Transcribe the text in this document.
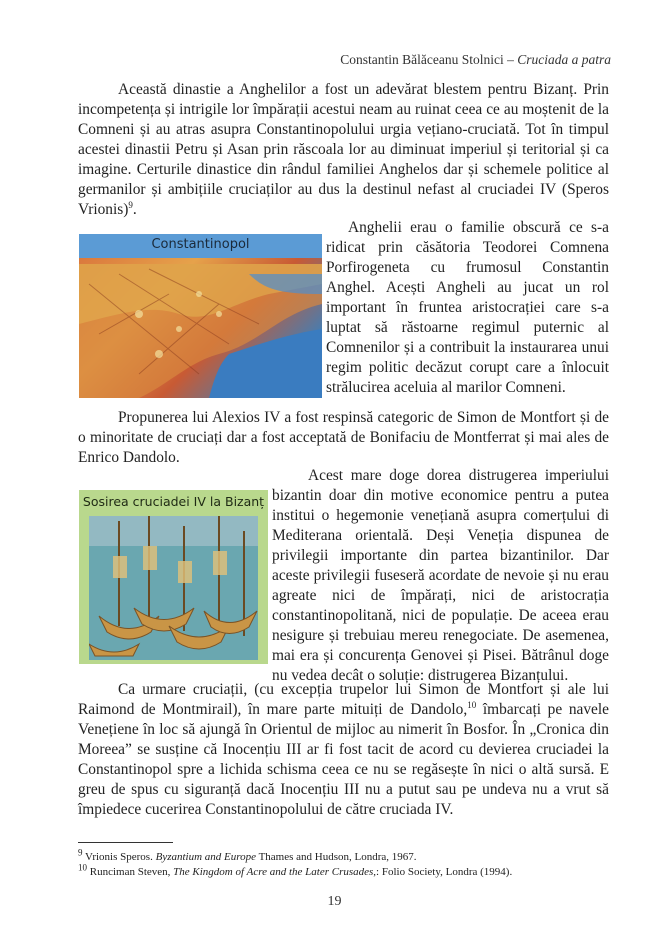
Constantin Bălăceanu Stolnici – Cruciada a patra

Această dinastie a Anghelilor a fost un adevărat blestem pentru Bizanț. Prin incompetența și intrigile lor împărații acestui neam au ruinat ceea ce au moștenit de la Comneni și au atras asupra Constantinopolului urgia vețiano-cruciată. Tot în timpul acestei dinastii Petru și Asan prin răscoala lor au diminuat imperiul și teritorial și ca imagine. Certurile dinastice din rândul familiei Anghelos dar și schemele politice al germanilor și ambițiile cruciaților au dus la destinul nefast al cruciadei IV (Speros Vrionis)$^9$.

Constantinopol

Anghelii erau o familie obscură ce s-a ridicat prin căsătoria Teodorei Comnena Porfirogeneta cu frumosul Constantin Anghel. Acești Angheli au jucat un rol important în fruntea aristocrației care s-a luptat să răstoarne regimul puternic al Comnenilor și a contribuit la instaurarea unui regim politic decăzut corupt care a înlocuit strălucirea aceluia al marilor Comneni.

Propunerea lui Alexios IV a fost respinsă categoric de Simon de Montfort și de o minoritate de cruciați dar a fost acceptată de Bonifaciu de Montferrat și mai ales de Enrico Dandolo.

Sosirea cruciadei IV la Bizanț

Acest mare doge dorea distrugerea imperiului bizantin doar din motive economice pentru a putea institui o hegemonie venețiană asupra comerțului di Mediterana orientală. Deși Veneția dispunea de privilegii importante din partea bizantinilor. Dar aceste privilegii fuseseră acordate de nevoie și nu erau agreate nici de împărați, nici de aristocrația constantinopolitană, nici de populație. De aceea erau nesigure și trebuiau mereu renegociate. De asemenea, mai era și concurența Genovei și Pisei. Bătrânul doge nu vedea decât o soluție: distrugerea Bizanțului.

Ca urmare cruciații, (cu excepția trupelor lui Simon de Montfort și ale lui Raimond de Montmirail), în mare parte mituiți de Dandolo,$^{10}$ îmbarcați pe navele Venețiene în loc să ajungă în Orientul de mijloc au nimerit în Bosfor. În „Cronica din Moreea” se susține că Inocențiu III ar fi fost tacit de acord cu devierea cruciadei la Constantinopol spre a lichida schisma ceea ce nu se regăsește în nici o altă sursă. E greu de spus cu siguranță dacă Inocențiu III nu a putut sau pe undeva nu a vrut să împiedece cucerirea Constantinopolului de către cruciada IV.

$^9$ Vrionis Speros. Byzantium and Europe Thames and Hudson, Londra, 1967.
$^{10}$ Runciman Steven, The Kingdom of Acre and the Later Crusades,: Folio Society, Londra (1994).
19
